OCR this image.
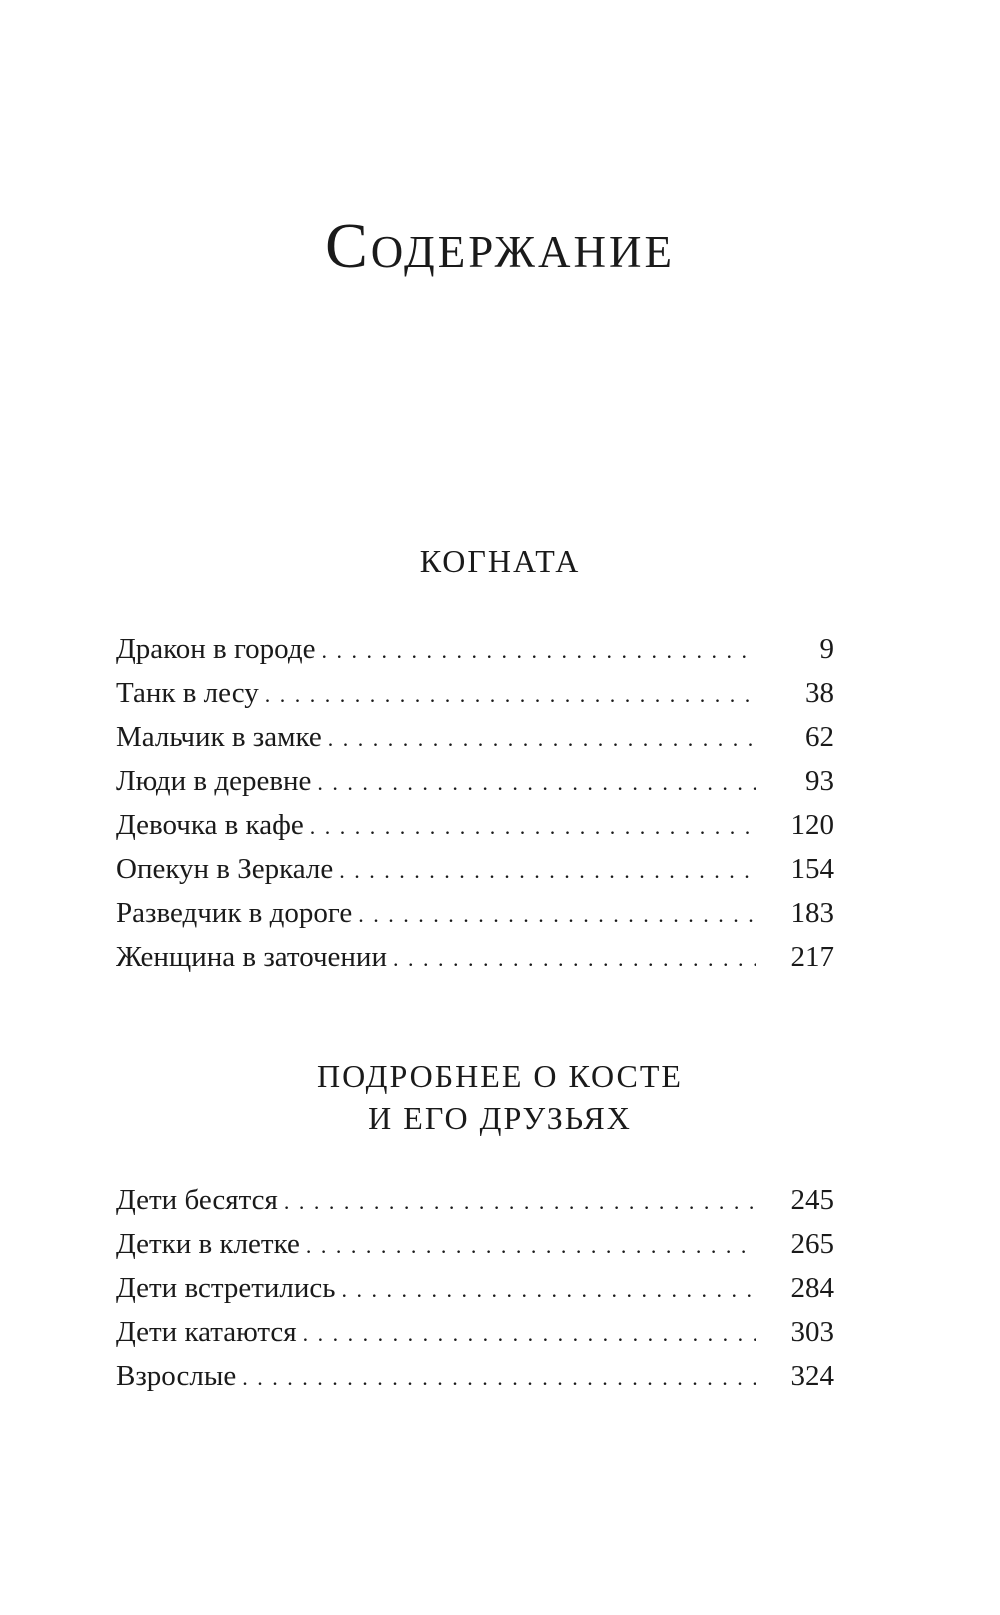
Содержание
КОГНАТА
Дракон в городе . . .	9
Танк в лесу . . .	38
Мальчик в замке . . .	62
Люди в деревне . . .	93
Девочка в кафе . . .	120
Опекун в Зеркале . . .	154
Разведчик в дороге . . .	183
Женщина в заточении . . .	217
ПОДРОБНЕЕ О КОСТЕ
И ЕГО ДРУЗЬЯХ
Дети бесятся . . .	245
Детки в клетке . . .	265
Дети встретились . . .	284
Дети катаются . . .	303
Взрослые . . .	324
